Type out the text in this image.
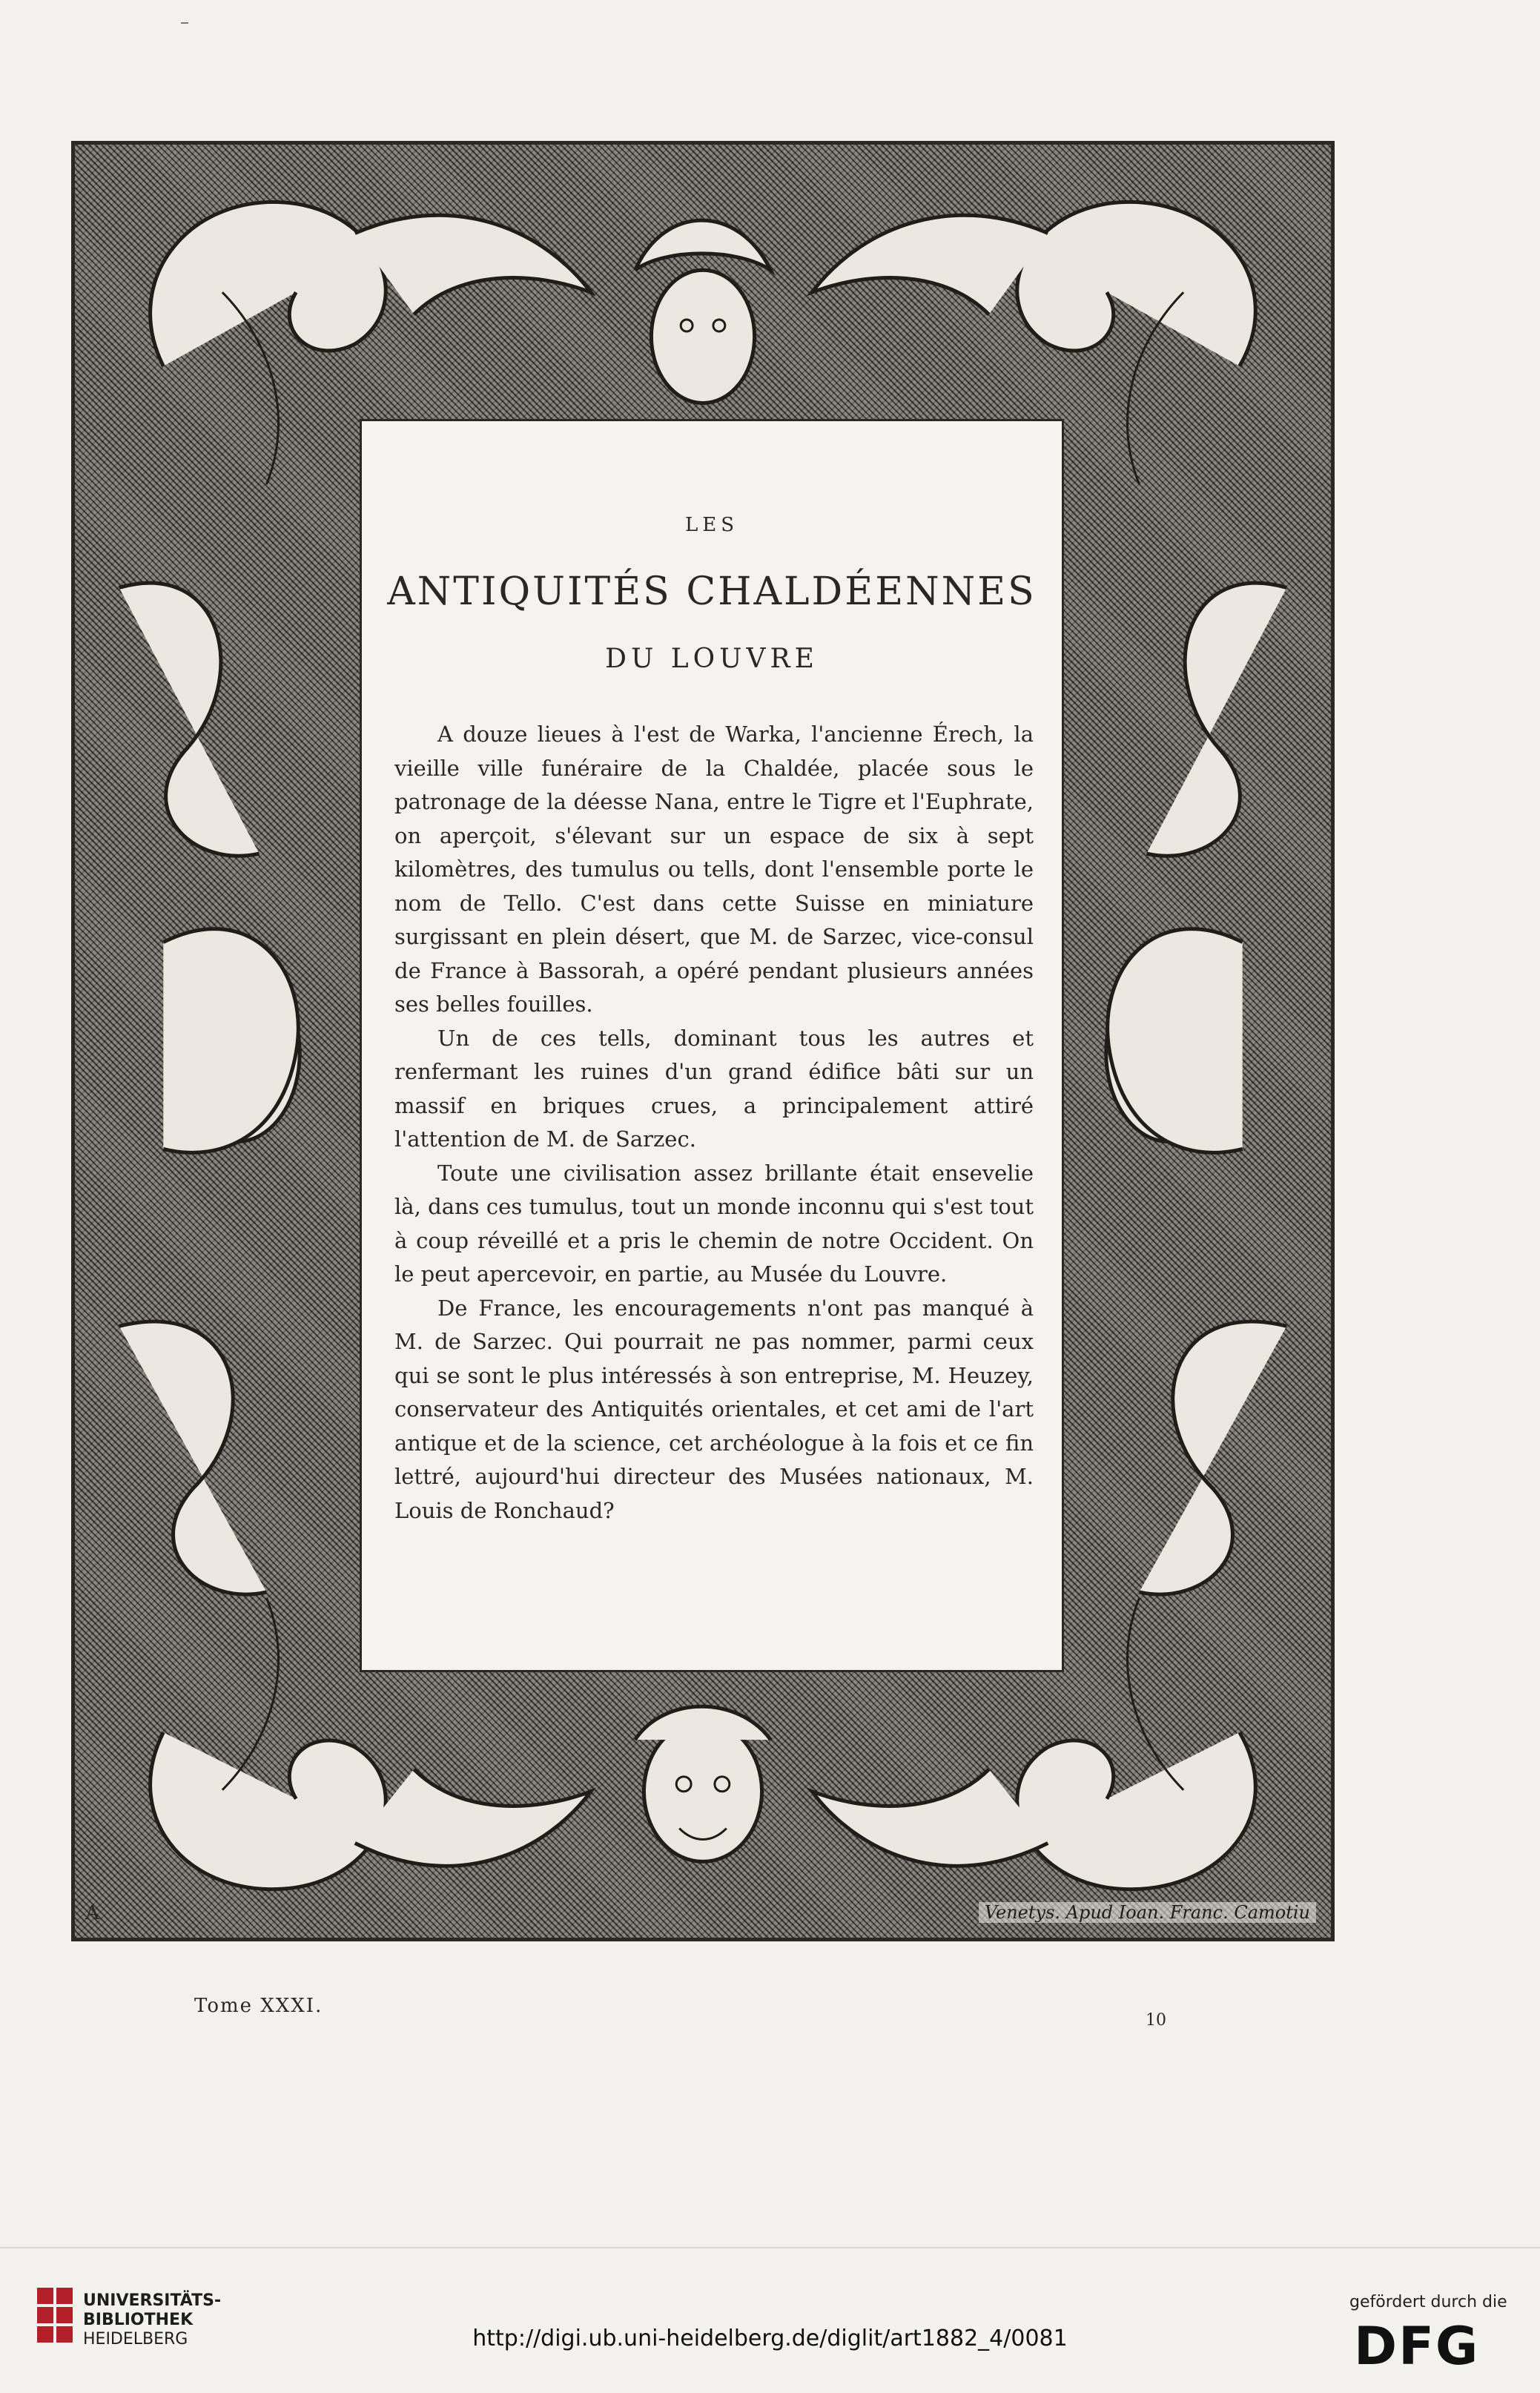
A	Venetys. Apud Ioan. Franc. Camotiu
LES
ANTIQUITÉS CHALDÉENNES
DU LOUVRE

A douze lieues à l'est de Warka, l'ancienne Érech, la vieille ville funéraire de la Chaldée, placée sous le patronage de la déesse Nana, entre le Tigre et l'Euphrate, on aperçoit, s'élevant sur un espace de six à sept kilomètres, des tumulus ou tells, dont l'ensemble porte le nom de Tello. C'est dans cette Suisse en miniature surgissant en plein désert, que M. de Sarzec, vice-consul de France à Bassorah, a opéré pendant plusieurs années ses belles fouilles.

Un de ces tells, dominant tous les autres et renfermant les ruines d'un grand édifice bâti sur un massif en briques crues, a principalement attiré l'attention de M. de Sarzec.

Toute une civilisation assez brillante était ensevelie là, dans ces tumulus, tout un monde inconnu qui s'est tout à coup réveillé et a pris le chemin de notre Occident. On le peut apercevoir, en partie, au Musée du Louvre.

De France, les encouragements n'ont pas manqué à M. de Sarzec. Qui pourrait ne pas nommer, parmi ceux qui se sont le plus intéressés à son entreprise, M. Heuzey, conservateur des Antiquités orientales, et cet ami de l'art antique et de la science, cet archéologue à la fois et ce fin lettré, aujourd'hui directeur des Musées nationaux, M. Louis de Ronchaud?

Tome XXXI.
10
UNIVERSITÄTS-
BIBLIOTHEK
HEIDELBERG	http://digi.ub.uni-heidelberg.de/diglit/art1882_4/0081
gefördert durch die
DFG
